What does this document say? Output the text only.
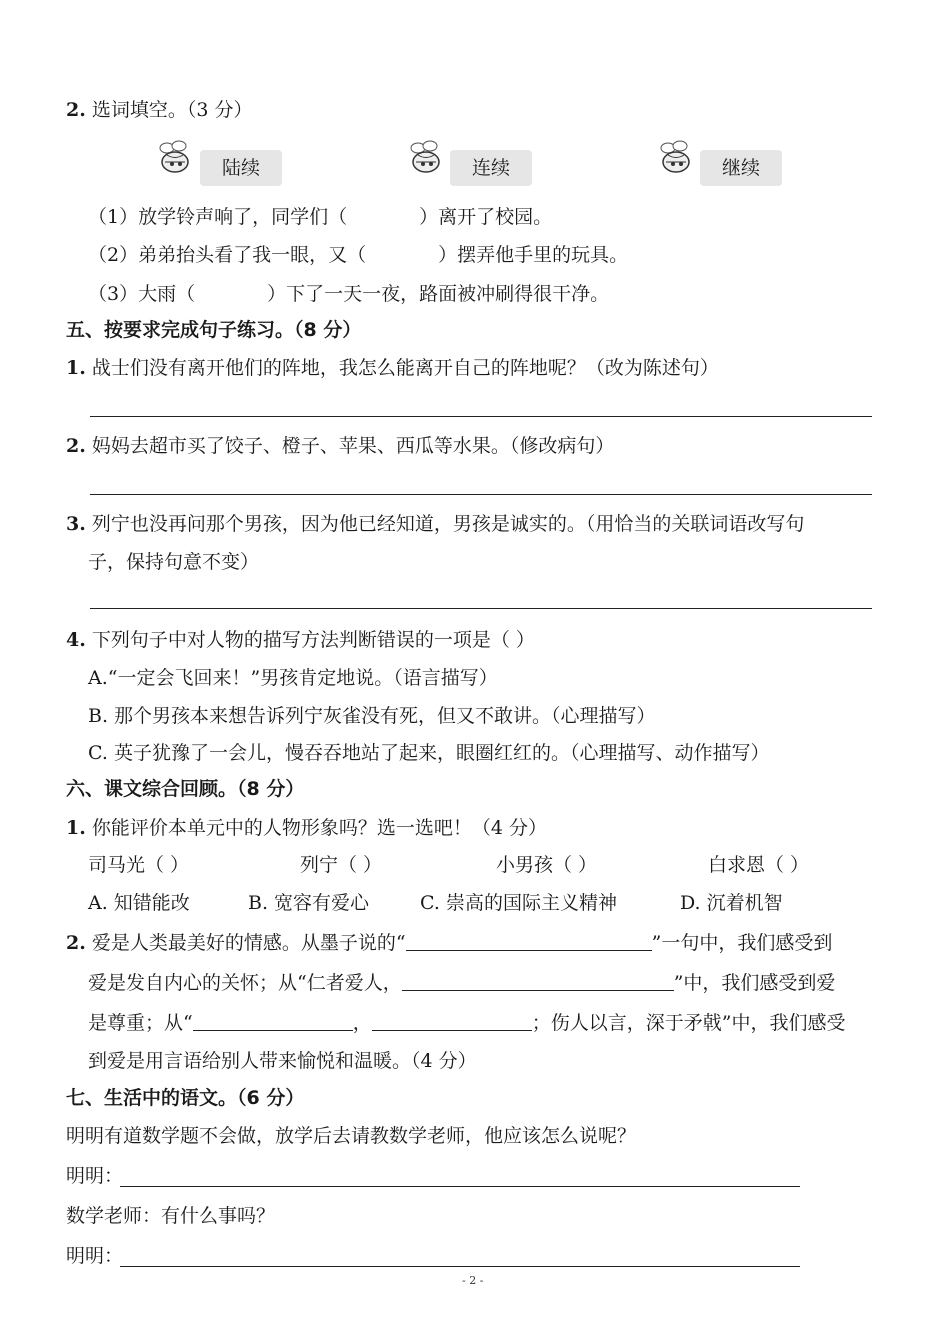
2. 选词填空。（3 分）
陆续	连续	继续
（1）放学铃声响了，同学们（	）离开了校园。
（2）弟弟抬头看了我一眼，又（	）摆弄他手里的玩具。
（3）大雨（	）下了一天一夜，路面被冲刷得很干净。
五、按要求完成句子练习。（8 分）
1. 战士们没有离开他们的阵地，我怎么能离开自己的阵地呢？（改为陈述句）
2. 妈妈去超市买了饺子、橙子、苹果、西瓜等水果。（修改病句）
3. 列宁也没再问那个男孩，因为他已经知道，男孩是诚实的。（用恰当的关联词语改写句
子，保持句意不变）
4. 下列句子中对人物的描写方法判断错误的一项是（ ）
A.“一定会飞回来！”男孩肯定地说。（语言描写）
B. 那个男孩本来想告诉列宁灰雀没有死，但又不敢讲。（心理描写）
C. 英子犹豫了一会儿，慢吞吞地站了起来，眼圈红红的。（心理描写、动作描写）
六、课文综合回顾。（8 分）
1. 你能评价本单元中的人物形象吗？选一选吧！（4 分）
司马光（ ）	列宁（ ）	小男孩（ ）	白求恩（ ）
A. 知错能改	B. 宽容有爱心	C. 崇高的国际主义精神	D. 沉着机智
2. 爱是人类最美好的情感。从墨子说的“	”一句中，我们感受到
爱是发自内心的关怀；从“仁者爱人，	”中，我们感受到爱
是尊重；从“	，	；伤人以言，深于矛戟”中，我们感受
到爱是用言语给别人带来愉悦和温暖。（4 分）
七、生活中的语文。（6 分）
明明有道数学题不会做，放学后去请教数学老师，他应该怎么说呢？
明明：
数学老师：有什么事吗？
明明：
- 2 -
